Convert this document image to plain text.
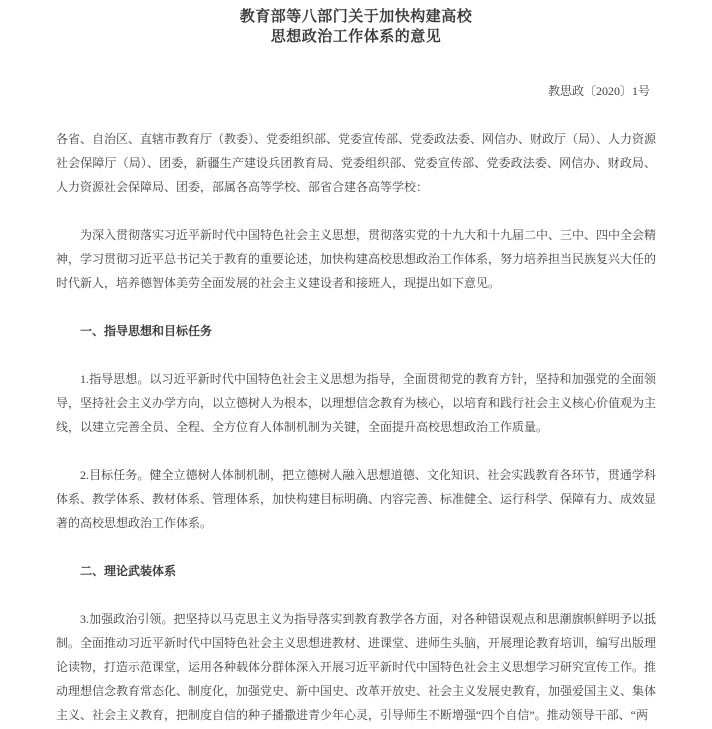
教育部等八部门关于加快构建高校
思想政治工作体系的意见

教思政〔2020〕1号

各省、自治区、直辖市教育厅（教委）、党委组织部、党委宣传部、党委政法委、网信办、财政厅（局）、人力资源社会保障厅（局）、团委，新疆生产建设兵团教育局、党委组织部、党委宣传部、党委政法委、网信办、财政局、人力资源社会保障局、团委，部属各高等学校、部省合建各高等学校：

为深入贯彻落实习近平新时代中国特色社会主义思想，贯彻落实党的十九大和十九届二中、三中、四中全会精神，学习贯彻习近平总书记关于教育的重要论述，加快构建高校思想政治工作体系，努力培养担当民族复兴大任的时代新人，培养德智体美劳全面发展的社会主义建设者和接班人，现提出如下意见。

一、指导思想和目标任务

1.指导思想。以习近平新时代中国特色社会主义思想为指导，全面贯彻党的教育方针，坚持和加强党的全面领导，坚持社会主义办学方向，以立德树人为根本，以理想信念教育为核心，以培育和践行社会主义核心价值观为主线，以建立完善全员、全程、全方位育人体制机制为关键，全面提升高校思想政治工作质量。

2.目标任务。健全立德树人体制机制，把立德树人融入思想道德、文化知识、社会实践教育各环节，贯通学科体系、教学体系、教材体系、管理体系，加快构建目标明确、内容完善、标准健全、运行科学、保障有力、成效显著的高校思想政治工作体系。

二、理论武装体系

3.加强政治引领。把坚持以马克思主义为指导落实到教育教学各方面，对各种错误观点和思潮旗帜鲜明予以抵制。全面推动习近平新时代中国特色社会主义思想进教材、进课堂、进师生头脑，开展理论教育培训，编写出版理论读物，打造示范课堂，运用各种载体分群体深入开展习近平新时代中国特色社会主义思想学习研究宣传工作。推动理想信念教育常态化、制度化，加强党史、新中国史、改革开放史、社会主义发展史教育，加强爱国主义、集体主义、社会主义教育，把制度自信的种子播撒进青少年心灵，引导师生不断增强“四个自信”。推动领导干部、“两
